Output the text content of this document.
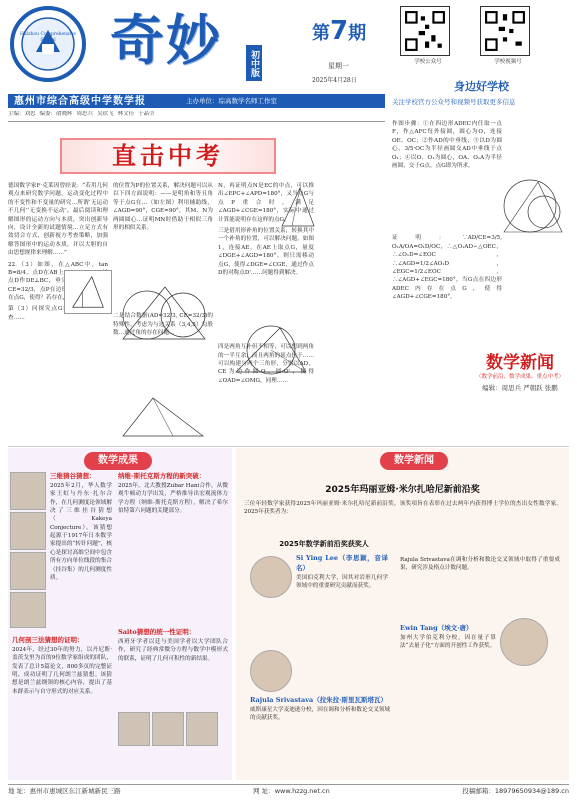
Huizhou Comprehensive School	奇妙	初中版
第7期
星期一
2025年4月28日
学校公众号	学校视频号
身边好学校
关注学校官方公众号和视频号获取更多信息
惠州市综合高级中学数学报	主办单位：综高数学名师工作室
主编：刘忠 编委：俞晓辉 周思兵 吴钦飞 林文佳 于晶莹
直击中考

德国数学家F·克莱因曾经说：“若用几何观点来研究数学问题，运动变化过程中的不变性和不变量的研究…所谓‘无运动不几何’‘无变换不运动’，最后阅读和理解图形的运动方向与本质，突出创新导向，设计全新的试题情境…立足方式有效切合方式，创新视方考查策略，加强解答图形中的运动本质，并以大胆的自由思想规律来理解……”

22.（3）如图，在△ABC中，tan B=8/4，点D在AB上，AD=32/3，过点D作DE⊥BC，垂足为E，BE=3，CE=32/3，点P在边形ADEC内是否存在点G，使得？若存在，请说明理由。

第（3）问探究点G的位置关系，考查……

的位置为P的位置关系，解决问题可以从以下四方面说明：——是明角和等且角等于点G在…（如左图）利用辅助线，∠AGD=90°，CGE=90°，其M、N为两圆圆心…证明MN时借助于相似三角形的相似关系。

二是结合数据(AD=32/3, CE=32/3)的特殊性，考虑为与边关系（3,4,5）勾股数…通过角的存在问题…

N，再证明点N是EC的中点，可以推出∠EPC+∠APD=180°，又当点G与点P重合时，满足∠AGD+∠CGE=180°，实际中通过计算能说明存在这样的点G。

三是借用形补角的位置关系，转换其中一个补角的位置，可以解决问题。如图1，连接AE，在AE上取点G，量度∠DGE+∠AGD=180°，则只需移动点G，使得∠DGE=∠CGE，通过作点D的对称点D'……问题得到解决。

四是两角互补但不相等，可以想到两角的一半互余，而且两角的顶点位于……可以构建与两个三角形，分别以AD、CE为边作圆O、圆O'，使得∠OAD=∠OMG，同理……

作图步骤：①在四边形ADEC内任取一点F，作△AFC每外接圆，圆心为O，连接OE、OC；②作AD的中垂线；③以D为圆心，3/5·OC为半径画圆交AD中垂线于点O₁；④以O、O₁为圆心，OA、O₁A为半径画圆，交于G点，点G即为所求。

证明：∵AD/CE=3/5, O₁A/OA=O₁D/OC，∴△O₁AD∽△OEC，∴∠O₁D=∠EOC，∴∠AGD=1/2∠AO₁D，∠EGC=1/2∠EOC，∴∠AGD+∠EGC=180°，当G点在四边形ADEC内存在点G，使得∠AGD+∠CGE=180°。

数学新闻
（数学前沿、数学成果、重点中考）
编辑：周思兵 严朝跃 张鹏
数学成果

三维猜谷猜想：

2025年2月，华人数学家王虹与丹东·扎尔合作，在几何测度论领域解决了三维挂谷猜想（Kakeya Conjecture）。该猜想起源于1917年日本数学家提出的“转针问题”，核心是探讨高维空间中包含所有方向单位线段的集合（挂谷集）的几何测度性质。

几何剖三法猜想的证明：

2024年，经过30年的努力，以丹尼斯·盖茨戈里为首的9位数学家组成的团队，发表了总计5篇论文，800多页的完整证明，成功证明了几何朗兰兹猜想。该猜想是朗兰兹纲领的核心内容，提出了基本群表示与自守形式的对应关系。

纳维-斯托克斯方程的新突破：

2025年，北大教授Zubar Hani合作，从微观牛顿动力学出发，严格推导出宏观流体力学方程（纳维-斯托克斯方程），解决了希尔伯特第六问题的关键部分。

Saito猜想的统一性证明：

西班牙学者以廷与美国学者以大学团队合作，研究了经典常微分方程与数学中模形式的联系，证明了几何可积性的新结果。

数学新闻
2025年玛丽亚姆·米尔扎哈尼新前沿奖
三位年轻数学家获得2025年玛丽亚姆·米尔扎哈尼新前沿奖。该奖项旨在表彰在过去两年内获得博士学位的杰出女性数学家。2025年获奖者为：
2025年数学新前沿奖获奖人

Si Ying Lee（李思颖，音译名）

美国伯克利大学，因其对岩形几何学领域中的重要研究贡献而获奖。

Rajula Srivastava（拉朱拉·斯里瓦斯塔瓦）

威斯康星大学麦迪逊分校，因在调和分析和数论交叉领域的贡献获奖。

Rajula Srivastava在调和分析和数论交叉领域中取得了重要成果，研究涉及格点计数问题。

Ewin Tang（埃文·唐）

加州大学伯克利分校，因在量子算法“去量子化”方面的开创性工作获奖。

地 址：惠州市惠城区东江新城新民三路	网 址：www.hzzg.net.cn	投稿邮箱：18979650934@189.cn
